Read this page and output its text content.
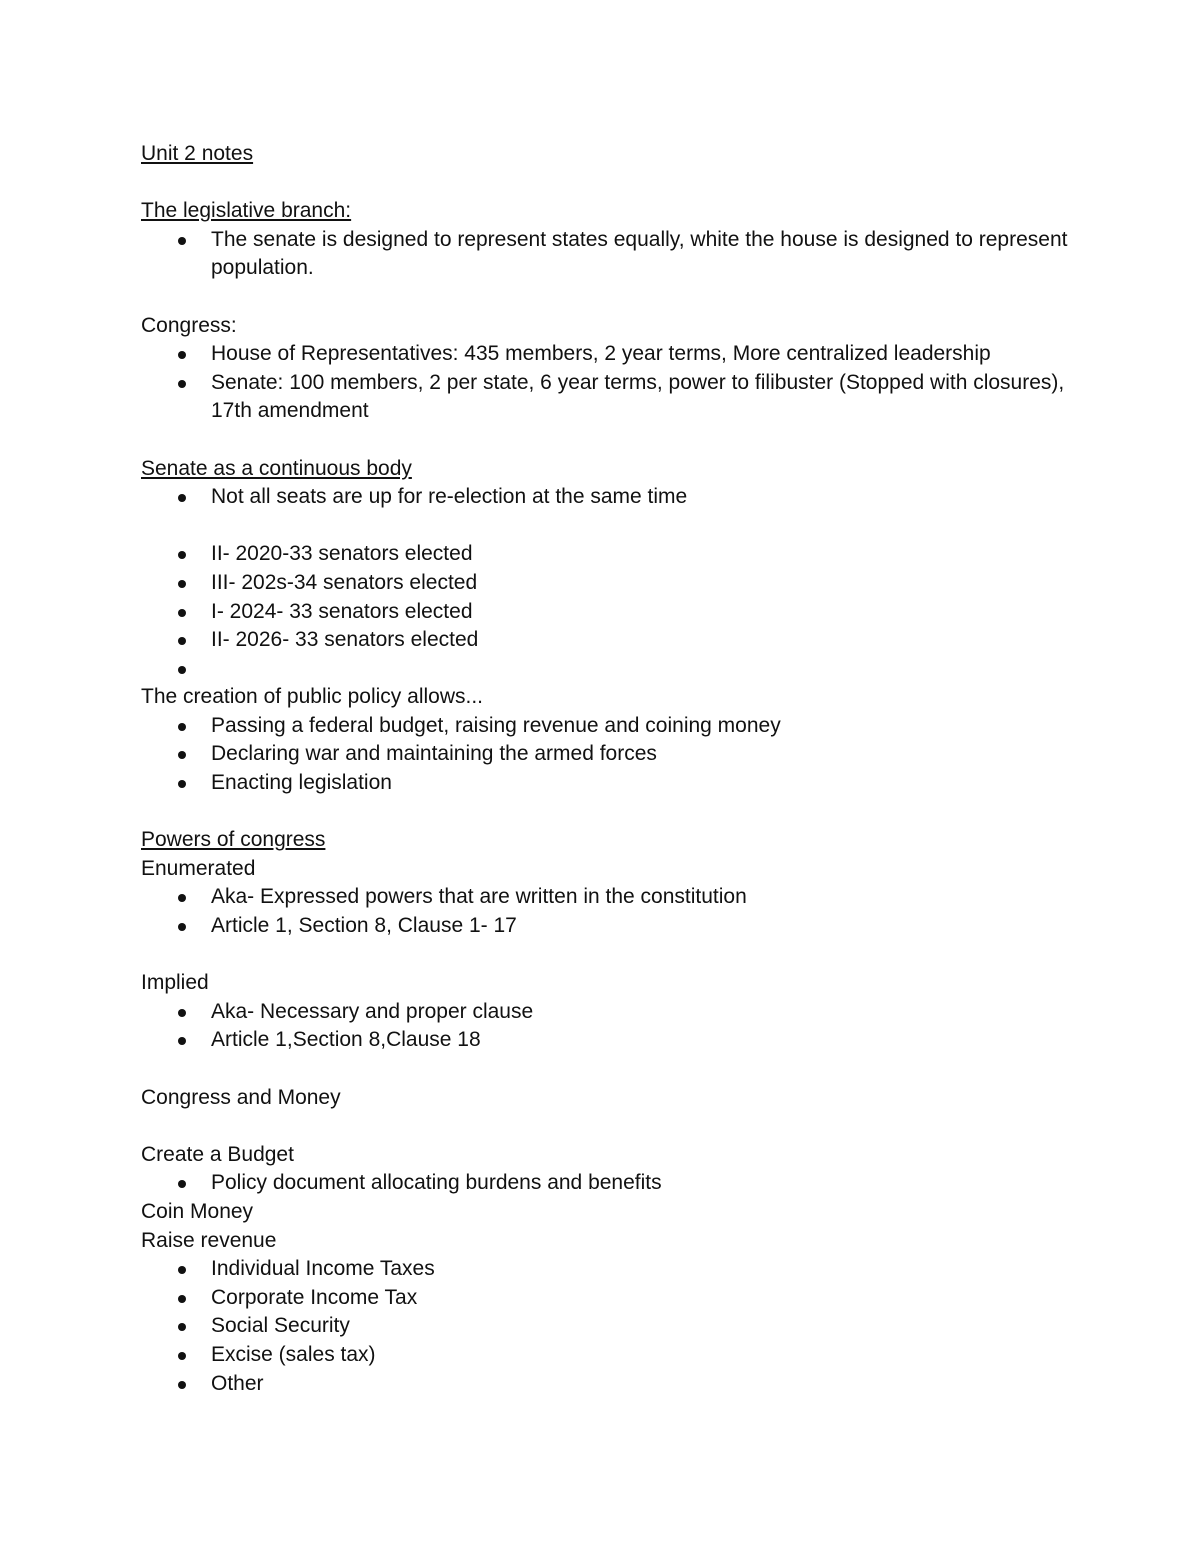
Unit 2 notes
The legislative branch:
The senate is designed to represent states equally, white the house is designed to represent population.
Congress:
House of Representatives: 435 members, 2 year terms, More centralized leadership
Senate: 100 members, 2 per state, 6 year terms, power to filibuster (Stopped with closures), 17th amendment
Senate as a continuous body
Not all seats are up for re-election at the same time
II- 2020-33 senators elected
III- 202s-34 senators elected
I- 2024- 33 senators elected
II- 2026- 33 senators elected
The creation of public policy allows...
Passing a federal budget, raising revenue and coining money
Declaring war and maintaining the armed forces
Enacting legislation
Powers of congress
Enumerated
Aka- Expressed powers that are written in the constitution
Article 1, Section 8, Clause 1- 17
Implied
Aka- Necessary and proper clause
Article 1,Section 8,Clause 18
Congress and Money
Create a Budget
Policy document allocating burdens and benefits
Coin Money
Raise revenue
Individual Income Taxes
Corporate Income Tax
Social Security
Excise (sales tax)
Other
